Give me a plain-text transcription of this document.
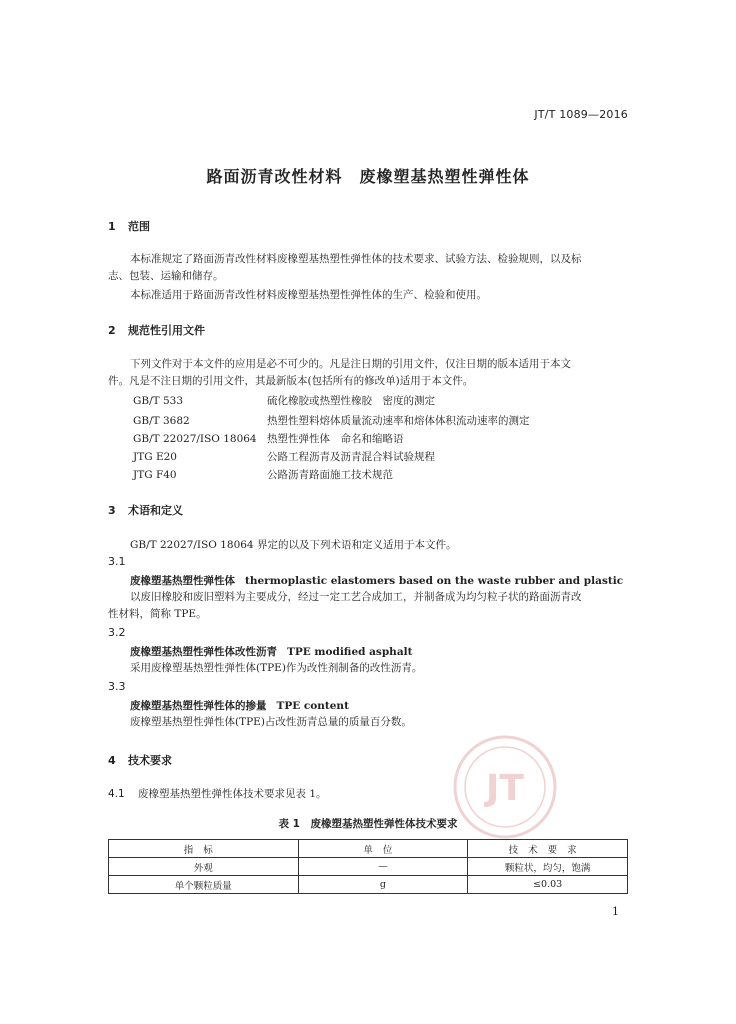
JT/T 1089—2016
路面沥青改性材料　废橡塑基热塑性弹性体
1 范围
本标准规定了路面沥青改性材料废橡塑基热塑性弹性体的技术要求、试验方法、检验规则，以及标
志、包装、运输和储存。
本标准适用于路面沥青改性材料废橡塑基热塑性弹性体的生产、检验和使用。
2 规范性引用文件
下列文件对于本文件的应用是必不可少的。凡是注日期的引用文件，仅注日期的版本适用于本文
件。凡是不注日期的引用文件，其最新版本(包括所有的修改单)适用于本文件。
GB/T 533	硫化橡胶或热塑性橡胶　密度的测定
GB/T 3682	热塑性塑料熔体质量流动速率和熔体体积流动速率的测定
GB/T 22027/ISO 18064 热塑性弹性体　命名和缩略语
JTG E20	公路工程沥青及沥青混合料试验规程
JTG F40	公路沥青路面施工技术规范
3 术语和定义
GB/T 22027/ISO 18064 界定的以及下列术语和定义适用于本文件。
3.1
废橡塑基热塑性弹性体 thermoplastic elastomers based on the waste rubber and plastic
以废旧橡胶和废旧塑料为主要成分，经过一定工艺合成加工，并制备成为均匀粒子状的路面沥青改
性材料，简称 TPE。
3.2
废橡塑基热塑性弹性体改性沥青 TPE modified asphalt
采用废橡塑基热塑性弹性体(TPE)作为改性剂制备的改性沥青。
3.3
废橡塑基热塑性弹性体的掺量 TPE content
废橡塑基热塑性弹性体(TPE)占改性沥青总量的质量百分数。
4 技术要求
JT
4.1 废橡塑基热塑性弹性体技术要求见表 1。
表 1　废橡塑基热塑性弹性体技术要求
指标	单位	技术要求
外观	—	颗粒状，均匀，饱满
单个颗粒质量	g	≤0.03
1
